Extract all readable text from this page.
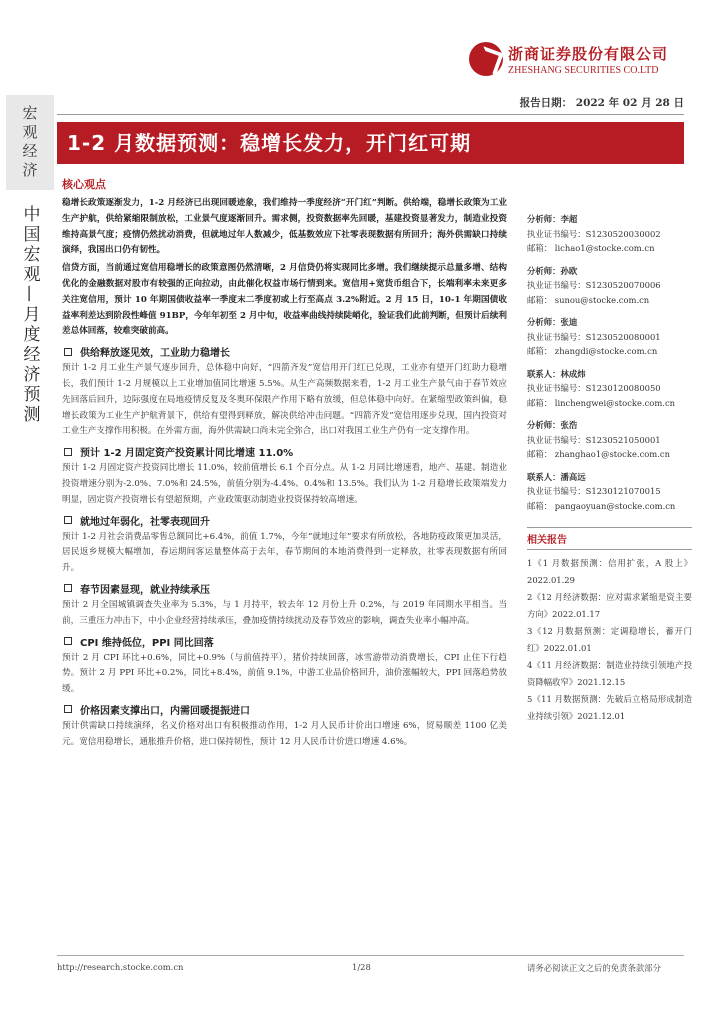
浙商证券股份有限公司
ZHESHANG SECURITIES CO.LTD
报告日期： 2022 年 02 月 28 日
宏观经济
中国宏观—月度经济预测
1-2 月数据预测：稳增长发力，开门红可期
核心观点

稳增长政策逐渐发力，1-2 月经济已出现回暖迹象，我们维持一季度经济“开门红”判断。供给端，稳增长政策为工业生产护航，供给紧缩限制放松，工业景气度逐渐回升。需求侧，投资数据率先回暖，基建投资显著发力，制造业投资维持高景气度；疫情仍然扰动消费，但就地过年人数减少，低基数效应下社零表现数据有所回升；海外供需缺口持续演绎，我国出口仍有韧性。

信贷方面，当前通过宽信用稳增长的政策意图仍然清晰，2 月信贷仍将实现同比多增。我们继续提示总量多增、结构优化的金融数据对股市有较强的正向拉动，由此催化权益市场行情到来。宽信用+宽货币组合下，长端利率未来更多关注宽信用，预计 10 年期国债收益率一季度末二季度初或上行至高点 3.2%附近。2 月 15 日，10-1 年期国债收益率利差达到阶段性峰值 91BP，今年年初至 2 月中旬，收益率曲线持续陡峭化，验证我们此前判断，但预计后续利差总体回落，较难突破前高。

供给释放逐见效，工业助力稳增长
预计 1-2 月工业生产景气逐步回升，总体稳中向好，“四箭齐发”宽信用开门红已兑现，工业亦有望开门红助力稳增长，我们预计 1-2 月规模以上工业增加值同比增速 5.5%。从生产高频数据来看，1-2 月工业生产景气由于春节效应先回落后回升，边际强度在局地疫情反复及冬奥环保限产作用下略有放缓，但总体稳中向好。在紧缩型政策纠偏，稳增长政策为工业生产护航背景下，供给有望得到释放，解决供给冲击问题。“四箭齐发”宽信用逐步兑现，国内投资对工业生产支撑作用积极。在外需方面，海外供需缺口尚未完全弥合，出口对我国工业生产仍有一定支撑作用。
预计 1-2 月固定资产投资累计同比增速 11.0%
预计 1-2 月固定资产投资同比增长 11.0%，较前值增长 6.1 个百分点。从 1-2 月同比增速看，地产、基建、制造业投资增速分别为-2.0%、7.0%和 24.5%，前值分别为-4.4%、0.4%和 13.5%。我们认为 1-2 月稳增长政策端发力明显，固定资产投资增长有望超预期，产业政策驱动制造业投资保持较高增速。
就地过年弱化，社零表现回升
预计 1-2 月社会消费品零售总额同比+6.4%，前值 1.7%，今年“就地过年”要求有所放松，各地防疫政策更加灵活，居民返乡规模大幅增加，春运期间客运量整体高于去年，春节期间的本地消费得到一定释放，社零表现数据有所回升。
春节因素显现，就业持续承压
预计 2 月全国城镇调查失业率为 5.3%，与 1 月持平，较去年 12 月份上升 0.2%，与 2019 年同期水平相当。当前，三重压力冲击下，中小企业经营持续承压，叠加疫情持续扰动及春节效应的影响，调查失业率小幅冲高。
CPI 维持低位，PPI 同比回落
预计 2 月 CPI 环比+0.6%，同比+0.9%（与前值持平），猪价持续回落，冰雪游带动消费增长，CPI 止住下行趋势。预计 2 月 PPI 环比+0.2%，同比+8.4%，前值 9.1%，中游工业品价格回升，油价涨幅较大，PPI 回落趋势放缓。
价格因素支撑出口，内需回暖提振进口
预计供需缺口持续演绎，名义价格对出口有积极推动作用，1-2 月人民币计价出口增速 6%，贸易顺差 1100 亿美元。宽信用稳增长，通胀推升价格，进口保持韧性，预计 12 月人民币计价进口增速 4.6%。
分析师：李超
执业证书编号：S1230520030002
邮箱： lichao1@stocke.com.cn
分析师：孙欧
执业证书编号：S1230520070006
邮箱： sunou@stocke.com.cn
分析师：张迪
执业证书编号：S1230520080001
邮箱： zhangdi@stocke.com.cn
联系人：林成炜
执业证书编号：S1230120080050
邮箱： linchengwei@stocke.com.cn
分析师：张浩
执业证书编号：S1230521050001
邮箱： zhanghao1@stocke.com.cn
联系人：潘高远
执业证书编号：S1230121070015
邮箱： pangaoyuan@stocke.com.cn
相关报告
1《1 月数据预测：信用扩张，A 股上》2022.01.29
2《12 月经济数据：应对需求紧缩是资主要方向》2022.01.17
3《12 月数据预测：定调稳增长，蓄开门红》2022.01.01
4《11 月经济数据：制造业持续引领地产投资降幅收窄》2021.12.15
5《11 月数据预测：先破后立格局形成制造业持续引领》2021.12.01
http://research.stocke.com.cn	1/28	请务必阅读正文之后的免责条款部分
